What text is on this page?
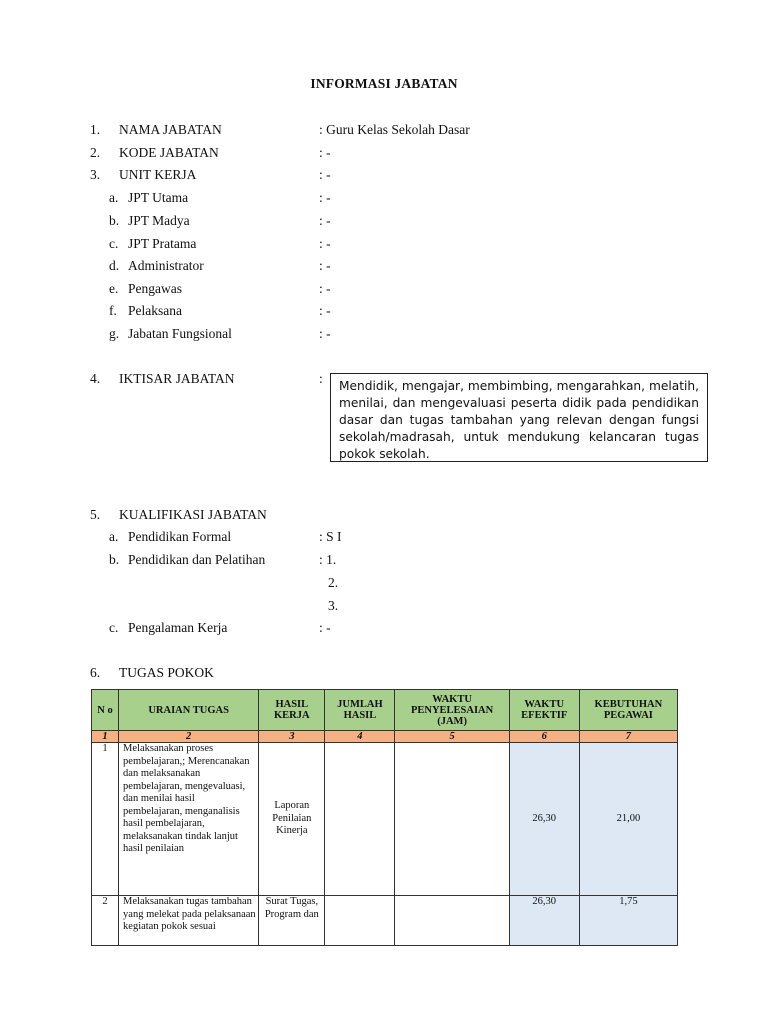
INFORMASI JABATAN
1. NAMA JABATAN	: Guru Kelas Sekolah Dasar
2. KODE JABATAN	: -
3. UNIT KERJA	: -
a. JPT Utama	: -
b. JPT Madya	: -
c. JPT Pratama	: -
d. Administrator	: -
e. Pengawas	: -
f. Pelaksana	: -
g. Jabatan Fungsional	: -
4. IKTISAR JABATAN	:	Mendidik, mengajar, membimbing, mengarahkan, melatih, menilai, dan mengevaluasi peserta didik pada pendidikan dasar dan tugas tambahan yang relevan dengan fungsi sekolah/madrasah, untuk mendukung kelancaran tugas pokok sekolah.
5. KUALIFIKASI JABATAN
a. Pendidikan Formal	: S I
b. Pendidikan dan Pelatihan	: 1.
2.
3.
c. Pengalaman Kerja	: -
6. TUGAS POKOK
N o	URAIAN TUGAS	HASIL KERJA	JUMLAH HASIL	WAKTU PENYELESAIAN (JAM)	WAKTU EFEKTIF	KEBUTUHAN PEGAWAI
1	2	3	4	5	6	7
1	Melaksanakan proses pembelajaran,; Merencanakan dan melaksanakan pembelajaran, mengevaluasi, dan menilai hasil pembelajaran, menganalisis hasil pembelajaran, melaksanakan tindak lanjut hasil penilaian	Laporan Penilaian Kinerja			26,30	21,00
2	Melaksanakan tugas tambahan yang melekat pada pelaksanaan kegiatan pokok sesuai	Surat Tugas, Program dan			26,30	1,75
